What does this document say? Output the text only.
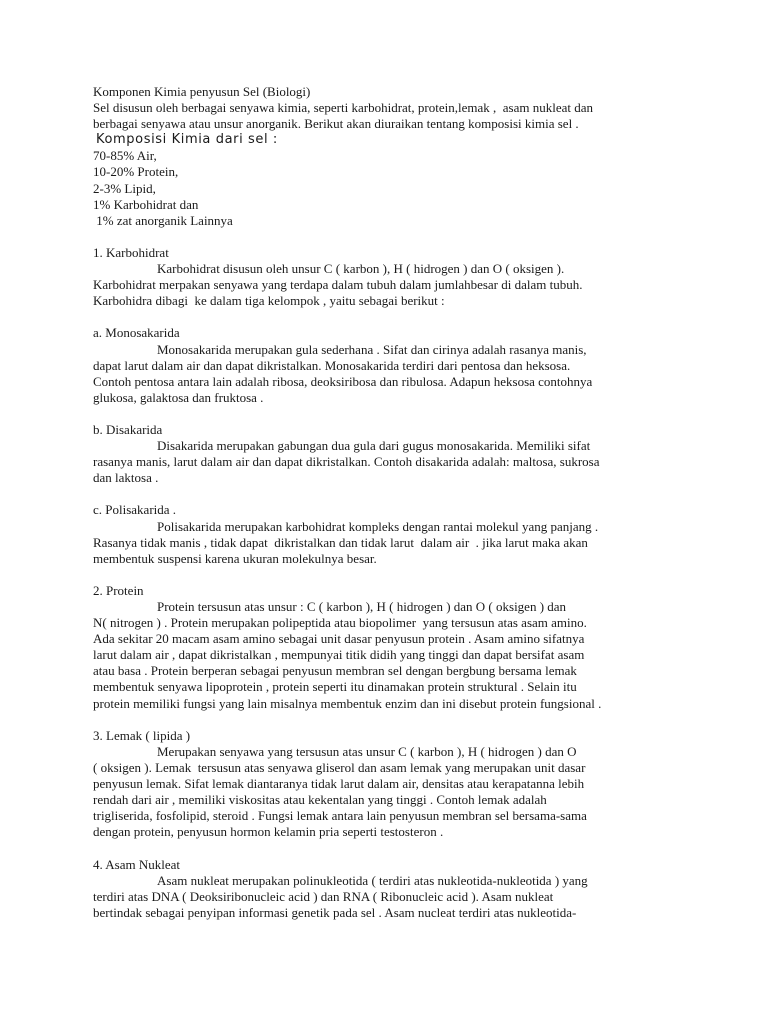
Komponen Kimia penyusun Sel (Biologi)
Sel disusun oleh berbagai senyawa kimia, seperti karbohidrat, protein,lemak ,  asam nukleat dan
berbagai senyawa atau unsur anorganik. Berikut akan diuraikan tentang komposisi kimia sel .
Komposisi Kimia dari sel :
70-85% Air,
10-20% Protein,
2-3% Lipid,
1% Karbohidrat dan
1% zat anorganik Lainnya
1. Karbohidrat
Karbohidrat disusun oleh unsur C ( karbon ), H ( hidrogen ) dan O ( oksigen ).
Karbohidrat merpakan senyawa yang terdapa dalam tubuh dalam jumlahbesar di dalam tubuh.
Karbohidra dibagi  ke dalam tiga kelompok , yaitu sebagai berikut :
a. Monosakarida
Monosakarida merupakan gula sederhana . Sifat dan cirinya adalah rasanya manis,
dapat larut dalam air dan dapat dikristalkan. Monosakarida terdiri dari pentosa dan heksosa.
Contoh pentosa antara lain adalah ribosa, deoksiribosa dan ribulosa. Adapun heksosa contohnya
glukosa, galaktosa dan fruktosa .
b. Disakarida
Disakarida merupakan gabungan dua gula dari gugus monosakarida. Memiliki sifat
rasanya manis, larut dalam air dan dapat dikristalkan. Contoh disakarida adalah: maltosa, sukrosa
dan laktosa .
c. Polisakarida .
Polisakarida merupakan karbohidrat kompleks dengan rantai molekul yang panjang .
Rasanya tidak manis , tidak dapat  dikristalkan dan tidak larut  dalam air  . jika larut maka akan
membentuk suspensi karena ukuran molekulnya besar.
2. Protein
Protein tersusun atas unsur : C ( karbon ), H ( hidrogen ) dan O ( oksigen ) dan
N( nitrogen ) . Protein merupakan polipeptida atau biopolimer  yang tersusun atas asam amino.
Ada sekitar 20 macam asam amino sebagai unit dasar penyusun protein . Asam amino sifatnya
larut dalam air , dapat dikristalkan , mempunyai titik didih yang tinggi dan dapat bersifat asam
atau basa . Protein berperan sebagai penyusun membran sel dengan bergbung bersama lemak
membentuk senyawa lipoprotein , protein seperti itu dinamakan protein struktural . Selain itu
protein memiliki fungsi yang lain misalnya membentuk enzim dan ini disebut protein fungsional .
3. Lemak ( lipida )
Merupakan senyawa yang tersusun atas unsur C ( karbon ), H ( hidrogen ) dan O
( oksigen ). Lemak  tersusun atas senyawa gliserol dan asam lemak yang merupakan unit dasar
penyusun lemak. Sifat lemak diantaranya tidak larut dalam air, densitas atau kerapatanna lebih
rendah dari air , memiliki viskositas atau kekentalan yang tinggi . Contoh lemak adalah
trigliserida, fosfolipid, steroid . Fungsi lemak antara lain penyusun membran sel bersama-sama
dengan protein, penyusun hormon kelamin pria seperti testosteron .
4. Asam Nukleat
Asam nukleat merupakan polinukleotida ( terdiri atas nukleotida-nukleotida ) yang
terdiri atas DNA ( Deoksiribonucleic acid ) dan RNA ( Ribonucleic acid ). Asam nukleat
bertindak sebagai penyipan informasi genetik pada sel . Asam nucleat terdiri atas nukleotida-
